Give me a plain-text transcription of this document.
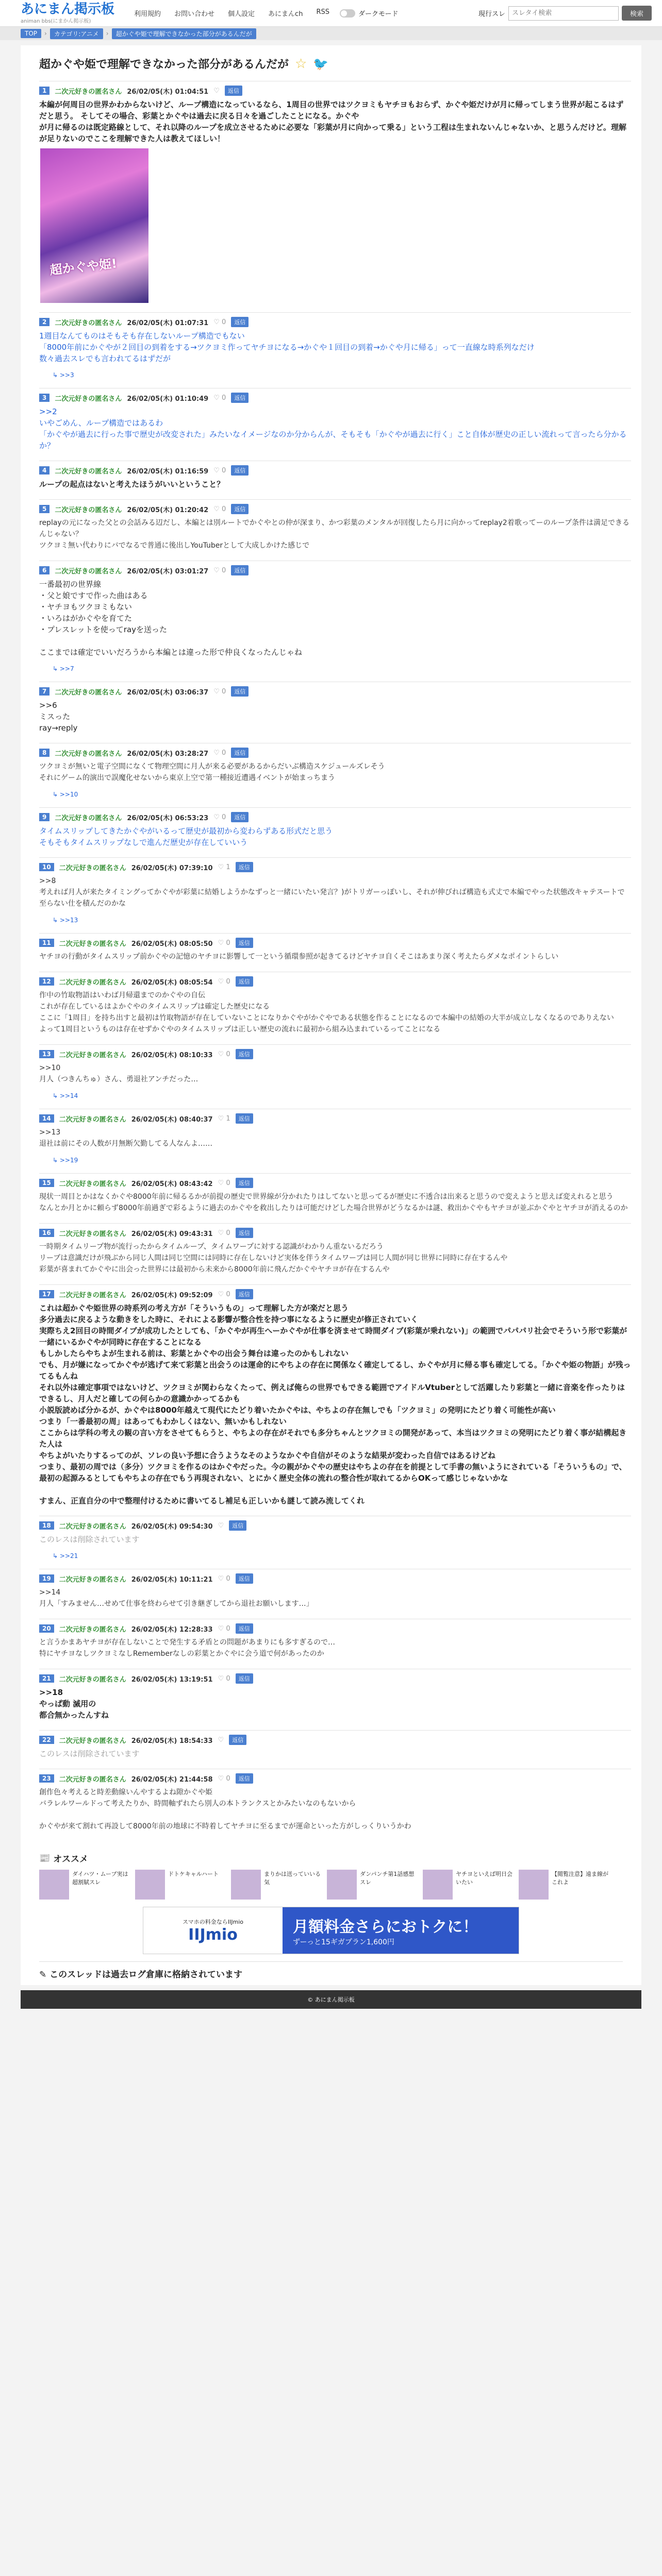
あにまん掲示板
animan bbs(にまかん掲示板)
利用規約 お問い合わせ 個人設定 あにまんch RSS	ダークモード	現行スレ
スレタイ検索	検索
TOP	›	カテゴリ:アニメ	›	超かぐや姫で理解できなかった部分があるんだが
超かぐや姫で理解できなかった部分があるんだが ☆ 🐦
1	二次元好きの匿名さん 26/02/05(木) 01:04:51 ♡	返信
本編が何周目の世界かわからないけど、ループ構造になっているなら、1周目の世界ではツクヨミもヤチヨもおらず、かぐや姫だけが月に帰ってしまう世界が起こるはずだと思う。 そしてその場合、彩葉とかぐやは過去に戻る日々を過ごしたことになる。かぐや
が月に帰るのは既定路線として、それ以降のループを成立させるために必要な「彩葉が月に向かって乗る」という工程は生まれないんじゃないか、と思うんだけど。理解が足りないのでここを理解できた人は教えてほしい！
超かぐや姫!
2	二次元好きの匿名さん 26/02/05(木) 01:07:31 ♡ 0	返信
1週目なんてものはそもそも存在しないループ構造でもない
「8000年前にかぐやが２回目の到着をする→ツクヨミ作ってヤチヨになる→かぐや１回目の到着→かぐや月に帰る」って一直線な時系列なだけ
数々過去スレでも言われてるはずだが
↳ >>3
3	二次元好きの匿名さん 26/02/05(木) 01:10:49 ♡ 0	返信
>>2
いやごめん、ループ構造ではあるわ
「かぐやが過去に行った事で歴史が改変された」みたいなイメージなのか分からんが、そもそも「かぐやが過去に行く」こと自体が歴史の正しい流れって言ったら分かるか？
4	二次元好きの匿名さん 26/02/05(木) 01:16:59 ♡ 0	返信
ループの起点はないと考えたほうがいいということ？
5	二次元好きの匿名さん 26/02/05(木) 01:20:42 ♡ 0	返信
replayの元になった父との会話みる辺だし、本編とは別ルートでかぐやとの仲が深まり、かつ彩葉のメンタルが回復したら月に向かってreplay2着歌ってーのループ条件は満足できるんじゃない？
ツクヨミ無い代わりにバでなるで普通に後出しYouTuberとして大成しかけた感じで
6	二次元好きの匿名さん 26/02/05(木) 03:01:27 ♡ 0	返信
一番最初の世界線
・父と娘ですで作った曲はある
・ヤチヨもツクヨミもない
・いろはがかぐやを育てた
・プレスレットを使ってrayを送った

ここまでは確定でいいだろうから本編とは違った形で仲良くなったんじゃね
↳ >>7
7	二次元好きの匿名さん 26/02/05(木) 03:06:37 ♡ 0	返信
>>6
ミスった
ray→reply
8	二次元好きの匿名さん 26/02/05(木) 03:28:27 ♡ 0	返信
ツクヨミが無いと電子空間になくて物理空間に月人が来る必要があるからだいぶ構造スケジュールズレそう
それにゲーム的演出で誤魔化せないから東京上空で第一種接近遭遇イベントが始まっちまう
↳ >>10
9	二次元好きの匿名さん 26/02/05(木) 06:53:23 ♡ 0	返信
タイムスリップしてきたかぐやがいるって歴史が最初から変わらずある形式だと思う
そもそもタイムスリップなしで進んだ歴史が存在していいう
10	二次元好きの匿名さん 26/02/05(木) 07:39:10 ♡ 1	返信
>>8
考えれば月人が来たタイミングってかぐやが彩葉に結婚しようかなずっと一緒にいたい発言？)がトリガーっぽいし、それが伸びれば構造も式丈で本編でやった状態改キャテスートで至らない仕を積んだのかな
↳ >>13
11	二次元好きの匿名さん 26/02/05(木) 08:05:50 ♡ 0	返信
ヤチヨの行動がタイムスリップ前かぐやの記憶のヤチヨに影響して一という循環参照が起きてるけどヤチヨ自くそこはあまり深く考えたらダメなポイントらしい
12	二次元好きの匿名さん 26/02/05(木) 08:05:54 ♡ 0	返信
作中の竹取物語はいわば月帰還までのかぐやの自伝
これが存在しているはよかぐやのタイムスリップは確定した歴史になる
ここに「1周目」を持ち出すと最初は竹取物語が存在していないことになりかぐやがかぐやである状態を作ることになるので本編中の結婚の大半が成立しなくなるのでありえない
よって1周目というものは存在せずかぐやのタイムスリップは正しい歴史の流れに最初から組み込まれているってことになる
13	二次元好きの匿名さん 26/02/05(木) 08:10:33 ♡ 0	返信
>>10
月人（つきんちゅ）さん、勇退社アンチだった…
↳ >>14
14	二次元好きの匿名さん 26/02/05(木) 08:40:37 ♡ 1	返信
>>13
退社は前にその人数が月無断欠勤してる人なんよ……
↳ >>19
15	二次元好きの匿名さん 26/02/05(木) 08:43:42 ♡ 0	返信
現状一周目とかはなくかぐや8000年前に帰るるかが前提の歴史で世界線が分かれたりはしてないと思ってるが歴史に不透合は出来ると思うので変えようと思えば変えれると思う
なんとか月とかに頼らず8000年前過ぎで彩るように過去のかぐやを救出したりは可能だけどした場合世界がどうなるかは謎、救出かぐやもヤチヨが並ぶかぐやとヤチヨが消えるのか
16	二次元好きの匿名さん 26/02/05(木) 09:43:31 ♡ 0	返信
一時期タイムリープ物が流行ったからタイムループ、タイムワープに対する認識がわかりん重ないるだろう
リープは意識だけが飛ぶから同じ人間は同じ空間には同時に存在しないけど実体を伴うタイムワープは同じ人間が同じ世界に同時に存在するんや
彩葉が喜まれてかぐやに出会った世界には最初から未来から8000年前に飛んだかぐやヤチヨが存在するんや
17	二次元好きの匿名さん 26/02/05(木) 09:52:09 ♡ 0	返信
これは超かぐや姫世界の時系列の考え方が「そういうもの」って理解した方が楽だと思う
多分過去に戻るような動きをした時に、それによる影響が整合性を持つ事になるように歴史が修正されていく
実際ちえ2回目の時間ダイブが成功したとしても、「かぐやが再生へーかぐやが仕事を済ませて時間ダイブ(彩葉が乗れない)」の範囲でパパパリ社会でそういう形で彩葉が一緒にいるかぐやが同時に存在することになる
もしかしたらやちよが生まれる前は、彩葉とかぐやの出会う舞台は違ったのかもしれない
でも、月が嫌になってかぐやが逃げて来て彩葉と出会うのは運命的にやちよの存在に関係なく確定してるし、かぐやが月に帰る事も確定してる。「かぐや姫の物語」が残ってるもんね
それ以外は確定事項ではないけど、ツクヨミが関わらなくたって、例えば俺らの世界でもできる範囲でアイドルVtuberとして活躍したり彩葉と一緒に音楽を作ったりはできるし、月人だと確しての何らかの意識かかってるかも
小説版読めば分かるが、かぐやは8000年越えて現代にたどり着いたかぐやは、やちよの存在無しでも「ツクヨミ」の発明にたどり着く可能性が高い
つまり「一番最初の周」はあってもわかしくはない、無いかもしれない
ここからは学科の考えの観の言い方をさせてもらうと、やちよの存在がそれでも多分ちゃんとツクヨミの開発があって、本当はツクヨミの発明にたどり着く事が結構起きた人は
やちよがいたりするってのが、ソレの良い予想に合うようなそのようなかぐや自信がそのような結果が変わった自信ではあるけどね
つまり、最初の周では（多分）ツクヨミを作るのはかぐやだった。今の親がかぐやの歴史はやちよの存在を前提として手書の無いようにされている「そういうもの」で、最初の起源みるとしてもやちよの存在でもう再現されない、とにかく歴史全体の流れの整合性が取れてるからOKって感じじゃないかな

すまん、正直自分の中で整理付けるために書いてるし補足も正しいかも謎して読み流してくれ
18	二次元好きの匿名さん 26/02/05(木) 09:54:30 ♡	返信
このレスは削除されています
↳ >>21
19	二次元好きの匿名さん 26/02/05(木) 10:11:21 ♡ 0	返信
>>14
月人「すみません…せめて仕事を終わらせて引き継ぎしてから退社お願いします…」
20	二次元好きの匿名さん 26/02/05(木) 12:28:33 ♡ 0	返信
と言うかまあヤチヨが存在しないことで発生する矛盾との問題があまりにも多すぎるので…
特にヤチヨなしツクヨミなしRememberなしの彩葉とかぐやに会う道で何があったのか
21	二次元好きの匿名さん 26/02/05(木) 13:19:51 ♡ 0	返信
>>18
やっぱ動 滅用の
都合無かったんすね
22	二次元好きの匿名さん 26/02/05(木) 18:54:33 ♡	返信
このレスは削除されています
23	二次元好きの匿名さん 26/02/05(木) 21:44:58 ♡ 0	返信
創作色々考えると時差動線いんやするよね隙かぐや姫
バラレルワールドって考えたりか、時間軸ずれたら別人の本トランクスとかみたいなのもないから

かぐやが来て割れて再設して8000年前の地球に不時着してヤチヨに至るまでが運命といった方がしっくりいうかわ
📰 オススメ
ダイハツ・ムーブ実は超割賦スレ
ドトケキャルハート	まりかは送っていいる気
ダンパンチ第1話感想スレ
ヤチヨといえば明日会いたい
【閲覧注意】遠ま線がこれよ
スマホの料金ならIIJmio
IIJmio	月額料金さらにおトクに！
ずーっと15ギガプラン1,600円
✎ このスレッドは過去ログ倉庫に格納されています
© あにまん掲示板
